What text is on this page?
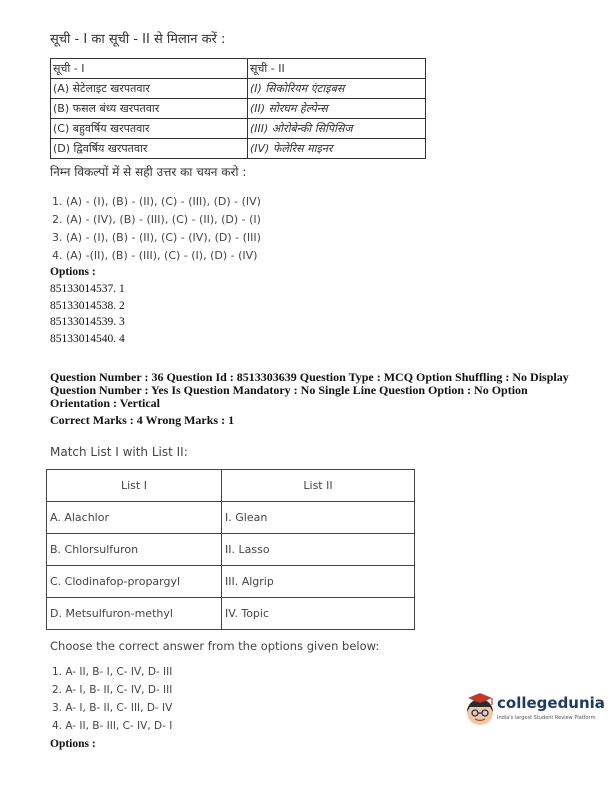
सूची - I का सूची - II से मिलान करें :
सूची - I	सूची - II
(A) सेटेलाइट खरपतवार	(I) सिकोरियम एंटाइबस
(B) फसल बंध्य खरपतवार	(II) सोरघम हेल्पेन्स
(C) बहुवर्षिय खरपतवार	(III) ओरोबेन्की सिपिसिज
(D) द्विवर्षिय खरपतवार	(IV) फेलेरिस माइनर
निम्न विकल्पों में से सही उत्तर का चयन करो :
1. (A) - (I), (B) - (II), (C) - (III), (D) - (IV)
2. (A) - (IV), (B) - (III), (C) - (II), (D) - (I)
3. (A) - (I), (B) - (II), (C) - (IV), (D) - (III)
4. (A) -(II), (B) - (III), (C) - (I), (D) - (IV)
Options :
85133014537. 1
85133014538. 2
85133014539. 3
85133014540. 4
Question Number : 36 Question Id : 8513303639 Question Type : MCQ Option Shuffling : No Display
Question Number : Yes Is Question Mandatory : No Single Line Question Option : No Option
Orientation : Vertical
Correct Marks : 4 Wrong Marks : 1
Match List I with List II:
List I	List II
A. Alachlor	I. Glean
B. Chlorsulfuron	II. Lasso
C. Clodinafop-propargyl	III. Algrip
D. Metsulfuron-methyl	IV. Topic
Choose the correct answer from the options given below:
1. A- II, B- I, C- IV, D- III
2. A- I, B- II, C- IV, D- III
3. A- I, B- II, C- III, D- IV
4. A- II, B- III, C- IV, D- I
Options :
collegedunia
India's largest Student Review Platform
